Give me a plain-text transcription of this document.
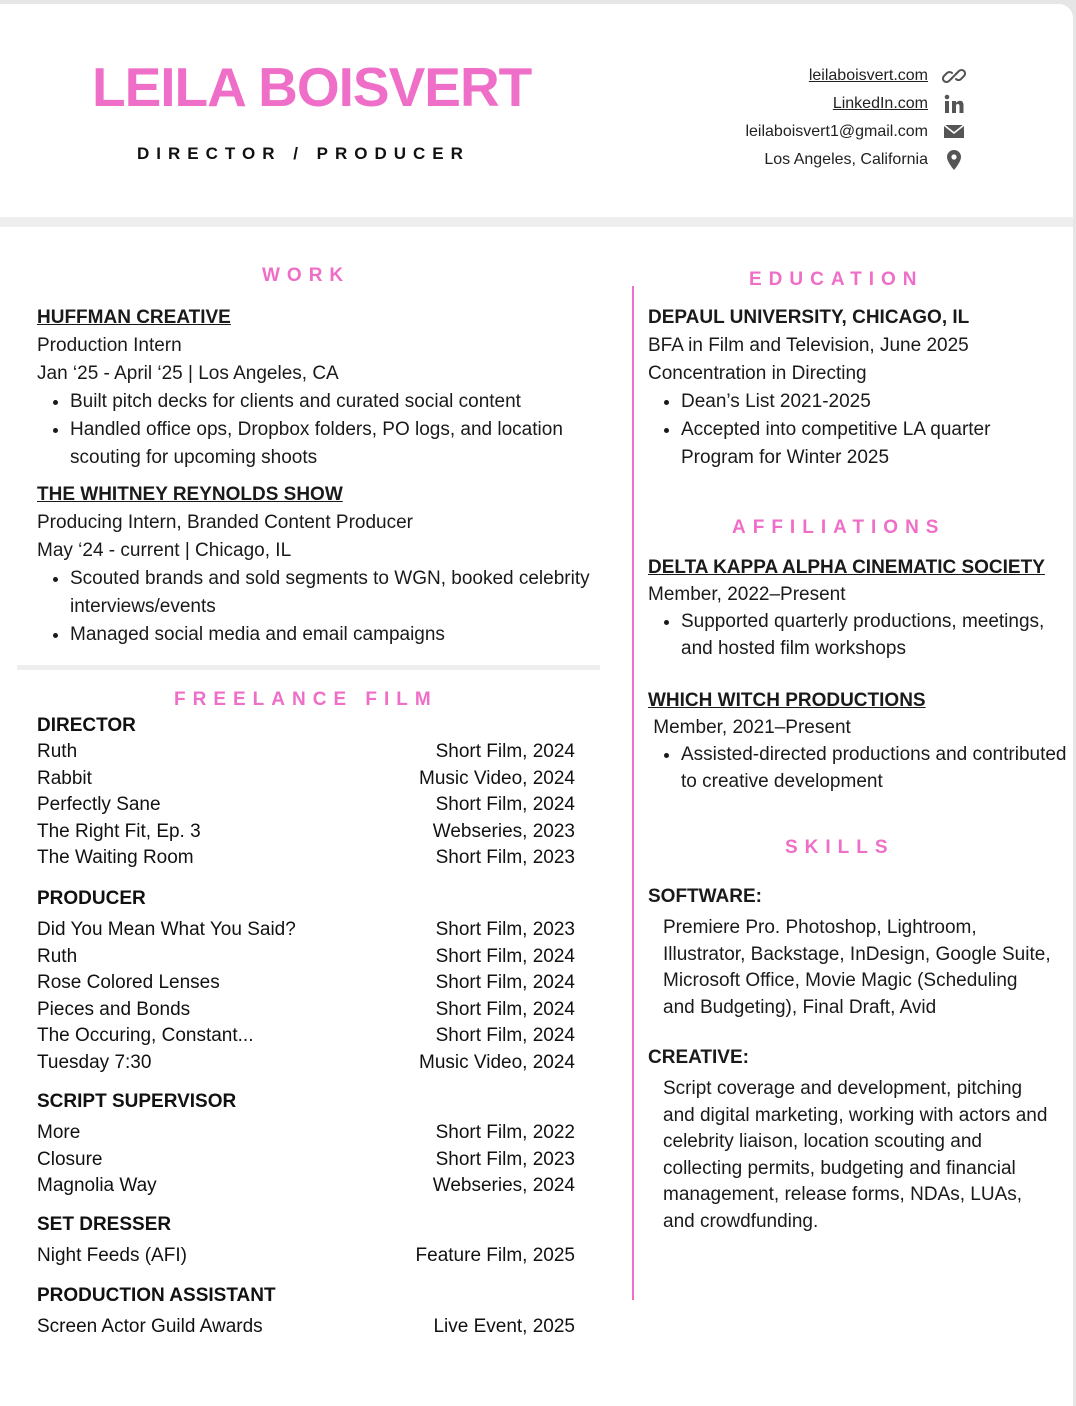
LEILA BOISVERT
DIRECTOR / PRODUCER
leilaboisvert.com
LinkedIn.com
leilaboisvert1@gmail.com
Los Angeles, California
WORK

HUFFMAN CREATIVE

Production Intern

Jan ‘25 - April ‘25 | Los Angeles, CA

• Built pitch decks for clients and curated social content
• Handled office ops, Dropbox folders, PO logs, and location scouting for upcoming shoots

THE WHITNEY REYNOLDS SHOW

Producing Intern, Branded Content Producer

May ‘24 - current | Chicago, IL

• Scouted brands and sold segments to WGN, booked celebrity interviews/events
• Managed social media and email campaigns
FREELANCE FILM
DIRECTOR
Ruth	Short Film, 2024
Rabbit	Music Video, 2024
Perfectly Sane	Short Film, 2024
The Right Fit, Ep. 3	Webseries, 2023
The Waiting Room	Short Film, 2023
PRODUCER
Did You Mean What You Said?	Short Film, 2023
Ruth	Short Film, 2024
Rose Colored Lenses	Short Film, 2024
Pieces and Bonds	Short Film, 2024
The Occuring, Constant...	Short Film, 2024
Tuesday 7:30	Music Video, 2024
SCRIPT SUPERVISOR
More	Short Film, 2022
Closure	Short Film, 2023
Magnolia Way	Webseries, 2024
SET DRESSER
Night Feeds (AFI)	Feature Film, 2025
PRODUCTION ASSISTANT
Screen Actor Guild Awards	Live Event, 2025
EDUCATION

DEPAUL UNIVERSITY, CHICAGO, IL

BFA in Film and Television, June 2025

Concentration in Directing

• Dean’s List 2021-2025
• Accepted into competitive LA quarter Program for Winter 2025
AFFILIATIONS

DELTA KAPPA ALPHA CINEMATIC SOCIETY

Member, 2022–Present

• Supported quarterly productions, meetings, and hosted film workshops

WHICH WITCH PRODUCTIONS

Member, 2021–Present

• Assisted-directed productions and contributed to creative development
SKILLS
SOFTWARE:
Premiere Pro. Photoshop, Lightroom, Illustrator, Backstage, InDesign, Google Suite, Microsoft Office, Movie Magic (Scheduling and Budgeting), Final Draft, Avid
CREATIVE:
Script coverage and development, pitching and digital marketing, working with actors and celebrity liaison, location scouting and collecting permits, budgeting and financial management, release forms, NDAs, LUAs, and crowdfunding.
